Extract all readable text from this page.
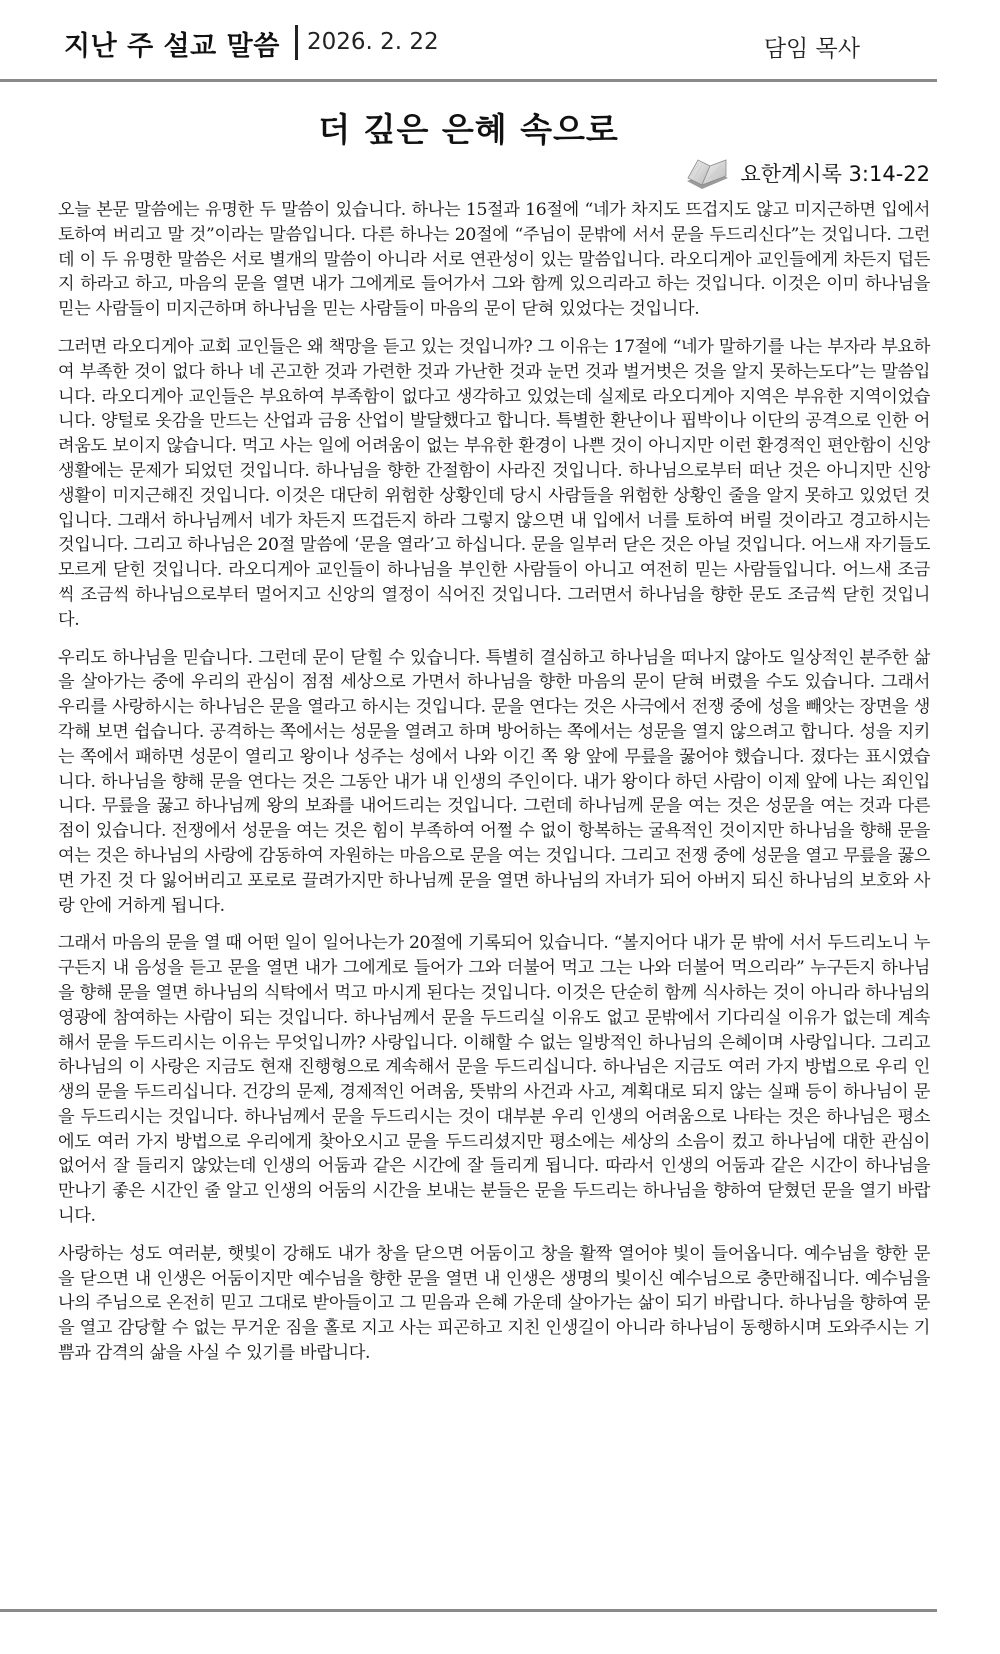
지난 주 설교 말씀 2026. 2. 22	담임 목사
더 깊은 은혜 속으로
요한계시록 3:14-22

오늘 본문 말씀에는 유명한 두 말씀이 있습니다. 하나는 15절과 16절에 “네가 차지도 뜨겁지도 않고 미지근하면 입에서 토하여 버리고 말 것”이라는 말씀입니다. 다른 하나는 20절에 “주님이 문밖에 서서 문을 두드리신다”는 것입니다. 그런데 이 두 유명한 말씀은 서로 별개의 말씀이 아니라 서로 연관성이 있는 말씀입니다. 라오디게아 교인들에게 차든지 덥든지 하라고 하고, 마음의 문을 열면 내가 그에게로 들어가서 그와 함께 있으리라고 하는 것입니다. 이것은 이미 하나님을 믿는 사람들이 미지근하며 하나님을 믿는 사람들이 마음의 문이 닫혀 있었다는 것입니다.

그러면 라오디게아 교회 교인들은 왜 책망을 듣고 있는 것입니까? 그 이유는 17절에 “네가 말하기를 나는 부자라 부요하여 부족한 것이 없다 하나 네 곤고한 것과 가련한 것과 가난한 것과 눈먼 것과 벌거벗은 것을 알지 못하는도다”는 말씀입니다. 라오디게아 교인들은 부요하여 부족함이 없다고 생각하고 있었는데 실제로 라오디게아 지역은 부유한 지역이었습니다. 양털로 옷감을 만드는 산업과 금융 산업이 발달했다고 합니다. 특별한 환난이나 핍박이나 이단의 공격으로 인한 어려움도 보이지 않습니다. 먹고 사는 일에 어려움이 없는 부유한 환경이 나쁜 것이 아니지만 이런 환경적인 편안함이 신앙생활에는 문제가 되었던 것입니다. 하나님을 향한 간절함이 사라진 것입니다. 하나님으로부터 떠난 것은 아니지만 신앙생활이 미지근해진 것입니다. 이것은 대단히 위험한 상황인데 당시 사람들을 위험한 상황인 줄을 알지 못하고 있었던 것입니다. 그래서 하나님께서 네가 차든지 뜨겁든지 하라 그렇지 않으면 내 입에서 너를 토하여 버릴 것이라고 경고하시는 것입니다. 그리고 하나님은 20절 말씀에 ‘문을 열라’고 하십니다. 문을 일부러 닫은 것은 아닐 것입니다. 어느새 자기들도 모르게 닫힌 것입니다. 라오디게아 교인들이 하나님을 부인한 사람들이 아니고 여전히 믿는 사람들입니다. 어느새 조금씩 조금씩 하나님으로부터 멀어지고 신앙의 열정이 식어진 것입니다. 그러면서 하나님을 향한 문도 조금씩 닫힌 것입니다.

우리도 하나님을 믿습니다. 그런데 문이 닫힐 수 있습니다. 특별히 결심하고 하나님을 떠나지 않아도 일상적인 분주한 삶을 살아가는 중에 우리의 관심이 점점 세상으로 가면서 하나님을 향한 마음의 문이 닫혀 버렸을 수도 있습니다. 그래서 우리를 사랑하시는 하나님은 문을 열라고 하시는 것입니다. 문을 연다는 것은 사극에서 전쟁 중에 성을 빼앗는 장면을 생각해 보면 쉽습니다. 공격하는 쪽에서는 성문을 열려고 하며 방어하는 쪽에서는 성문을 열지 않으려고 합니다. 성을 지키는 쪽에서 패하면 성문이 열리고 왕이나 성주는 성에서 나와 이긴 쪽 왕 앞에 무릎을 꿇어야 했습니다. 졌다는 표시였습니다. 하나님을 향해 문을 연다는 것은 그동안 내가 내 인생의 주인이다. 내가 왕이다 하던 사람이 이제 앞에 나는 죄인입니다. 무릎을 꿇고 하나님께 왕의 보좌를 내어드리는 것입니다. 그런데 하나님께 문을 여는 것은 성문을 여는 것과 다른 점이 있습니다. 전쟁에서 성문을 여는 것은 힘이 부족하여 어쩔 수 없이 항복하는 굴욕적인 것이지만 하나님을 향해 문을 여는 것은 하나님의 사랑에 감동하여 자원하는 마음으로 문을 여는 것입니다. 그리고 전쟁 중에 성문을 열고 무릎을 꿇으면 가진 것 다 잃어버리고 포로로 끌려가지만 하나님께 문을 열면 하나님의 자녀가 되어 아버지 되신 하나님의 보호와 사랑 안에 거하게 됩니다.

그래서 마음의 문을 열 때 어떤 일이 일어나는가 20절에 기록되어 있습니다. “볼지어다 내가 문 밖에 서서 두드리노니 누구든지 내 음성을 듣고 문을 열면 내가 그에게로 들어가 그와 더불어 먹고 그는 나와 더불어 먹으리라” 누구든지 하나님을 향해 문을 열면 하나님의 식탁에서 먹고 마시게 된다는 것입니다. 이것은 단순히 함께 식사하는 것이 아니라 하나님의 영광에 참여하는 사람이 되는 것입니다. 하나님께서 문을 두드리실 이유도 없고 문밖에서 기다리실 이유가 없는데 계속해서 문을 두드리시는 이유는 무엇입니까? 사랑입니다. 이해할 수 없는 일방적인 하나님의 은혜이며 사랑입니다. 그리고 하나님의 이 사랑은 지금도 현재 진행형으로 계속해서 문을 두드리십니다. 하나님은 지금도 여러 가지 방법으로 우리 인생의 문을 두드리십니다. 건강의 문제, 경제적인 어려움, 뜻밖의 사건과 사고, 계획대로 되지 않는 실패 등이 하나님이 문을 두드리시는 것입니다. 하나님께서 문을 두드리시는 것이 대부분 우리 인생의 어려움으로 나타는 것은 하나님은 평소에도 여러 가지 방법으로 우리에게 찾아오시고 문을 두드리셨지만 평소에는 세상의 소음이 컸고 하나님에 대한 관심이 없어서 잘 들리지 않았는데 인생의 어둠과 같은 시간에 잘 들리게 됩니다. 따라서 인생의 어둠과 같은 시간이 하나님을 만나기 좋은 시간인 줄 알고 인생의 어둠의 시간을 보내는 분들은 문을 두드리는 하나님을 향하여 닫혔던 문을 열기 바랍니다.

사랑하는 성도 여러분, 햇빛이 강해도 내가 창을 닫으면 어둠이고 창을 활짝 열어야 빛이 들어옵니다. 예수님을 향한 문을 닫으면 내 인생은 어둠이지만 예수님을 향한 문을 열면 내 인생은 생명의 빛이신 예수님으로 충만해집니다. 예수님을 나의 주님으로 온전히 믿고 그대로 받아들이고 그 믿음과 은혜 가운데 살아가는 삶이 되기 바랍니다. 하나님을 향하여 문을 열고 감당할 수 없는 무거운 짐을 홀로 지고 사는 피곤하고 지친 인생길이 아니라 하나님이 동행하시며 도와주시는 기쁨과 감격의 삶을 사실 수 있기를 바랍니다.
